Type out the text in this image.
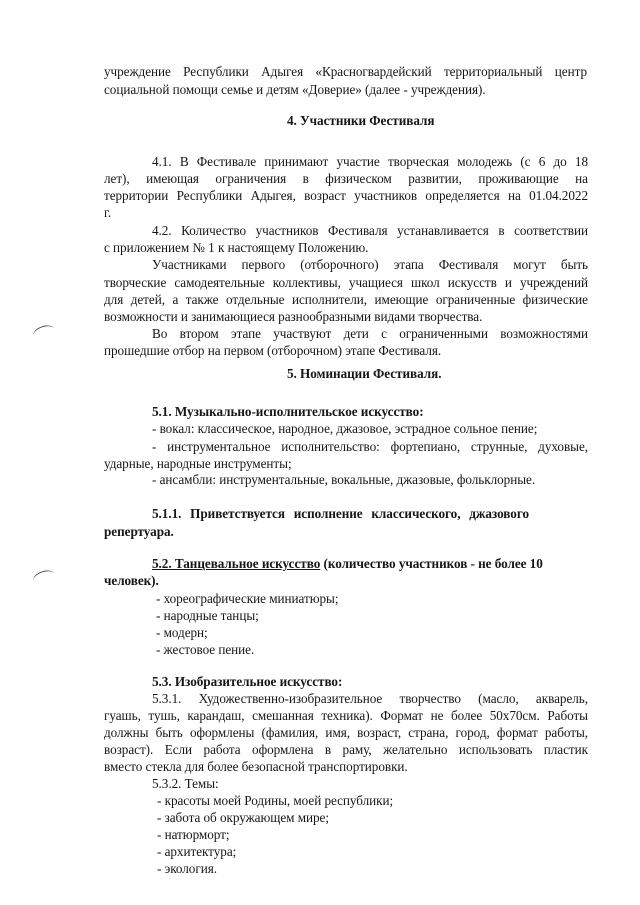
учреждение Республики Адыгея «Красногвардейский территориальный центр
социальной помощи семье и детям «Доверие» (далее - учреждения).
4. Участники Фестиваля
4.1. В Фестивале принимают участие творческая молодежь (с 6 до 18
лет), имеющая ограничения в физическом развитии, проживающие на
территории Республики Адыгея, возраст участников определяется на 01.04.2022
г.
4.2. Количество участников Фестиваля устанавливается в соответствии
с приложением № 1 к настоящему Положению.
Участниками первого (отборочного) этапа Фестиваля могут быть
творческие самодеятельные коллективы, учащиеся школ искусств и учреждений
для детей, а также отдельные исполнители, имеющие ограниченные физические
возможности и занимающиеся разнообразными видами творчества.
Во втором этапе участвуют дети с ограниченными возможностями
прошедшие отбор на первом (отборочном) этапе Фестиваля.
5. Номинации Фестиваля.
5.1. Музыкально-исполнительское искусство:
- вокал: классическое, народное, джазовое, эстрадное сольное пение;
- инструментальное исполнительство: фортепиано, струнные, духовые,
ударные, народные инструменты;
- ансамбли: инструментальные, вокальные, джазовые, фольклорные.
5.1.1. Приветствуется исполнение классического, джазового
репертуара.
5.2. Танцевальное искусство (количество участников - не более 10
человек).
- хореографические миниатюры;
- народные танцы;
- модерн;
- жестовое пение.
5.3. Изобразительное искусство:
5.3.1. Художественно-изобразительное творчество (масло, акварель,
гуашь, тушь, карандаш, смешанная техника). Формат не более 50х70см. Работы
должны быть оформлены (фамилия, имя, возраст, страна, город, формат работы,
возраст). Если работа оформлена в раму, желательно использовать пластик
вместо стекла для более безопасной транспортировки.
5.3.2. Темы:
- красоты моей Родины, моей республики;
- забота об окружающем мире;
- натюрморт;
- архитектура;
- экология.
